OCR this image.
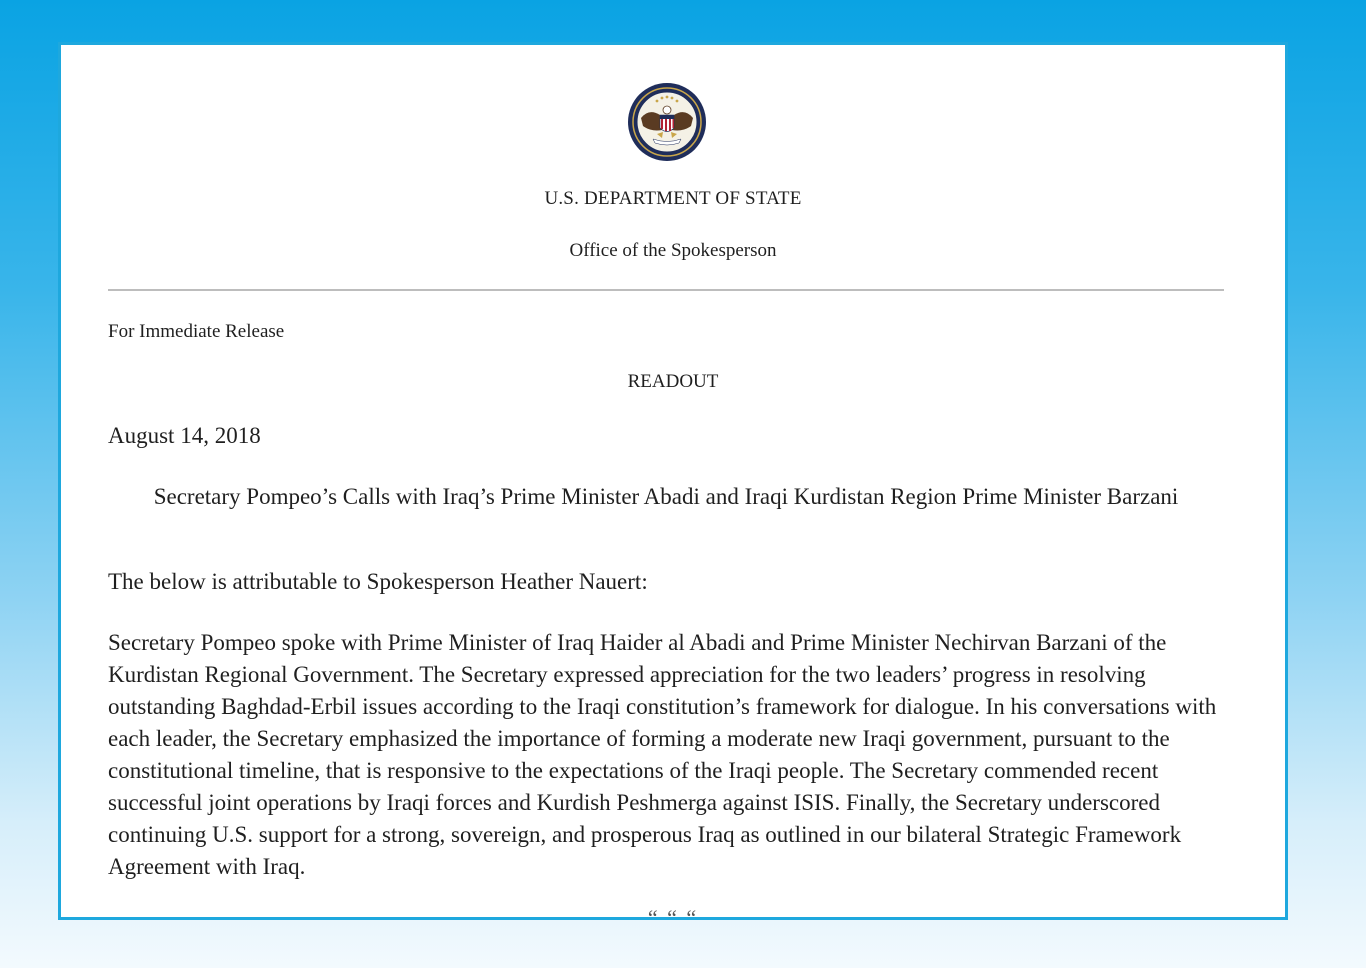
U.S. DEPARTMENT OF STATE
Office of the Spokesperson
For Immediate Release
READOUT
August 14, 2018
Secretary Pompeo’s Calls with Iraq’s Prime Minister Abadi and Iraqi Kurdistan Region Prime Minister Barzani
The below is attributable to Spokesperson Heather Nauert:

Secretary Pompeo spoke with Prime Minister of Iraq Haider al Abadi and Prime Minister Nechirvan Barzani of the Kurdistan Regional Government. The Secretary expressed appreciation for the two leaders’ progress in resolving outstanding Baghdad-Erbil issues according to the Iraqi constitution’s framework for dialogue. In his conversations with each leader, the Secretary emphasized the importance of forming a moderate new Iraqi government, pursuant to the constitutional timeline, that is responsive to the expectations of the Iraqi people. The Secretary commended recent successful joint operations by Iraqi forces and Kurdish Peshmerga against ISIS. Finally, the Secretary underscored continuing U.S. support for a strong, sovereign, and prosperous Iraq as outlined in our bilateral Strategic Framework Agreement with Iraq.

“ “ “
